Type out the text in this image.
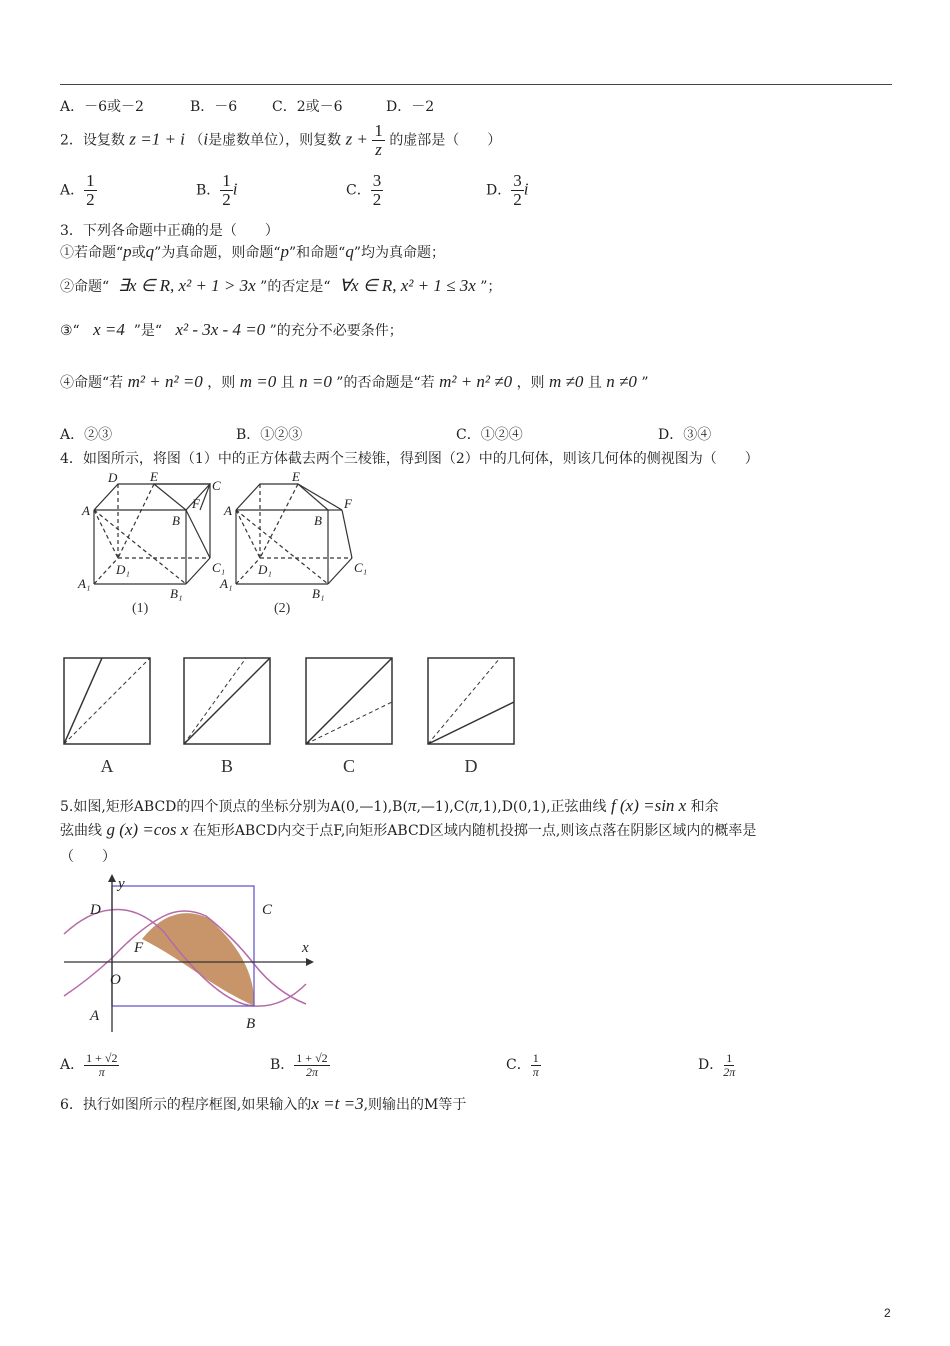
A．－6或－2	B．－6 C．2或－6	D．－2
2．设复数 z =1 + i （i是虚数单位），则复数 $z + \frac{1}{z}$ 的虚部是（　　）
A． $\frac{1}{2}$	B． $\frac{1}{2}$ i	C． $\frac{3}{2}$	D． $\frac{3}{2}$ i
3．下列各命题中正确的是（　　）
①若命题“p或q”为真命题，则命题“p”和命题“q”均为真命题；
②命题“ ∃x ∈ R, x² + 1 > 3x ”的否定是“ ∀x ∈ R, x² + 1 ≤ 3x ”；
③“ x =4 ”是“ x² - 3x - 4 =0 ”的充分不必要条件；
④命题“若 m² + n² =0 ，则 m =0 且 n =0 ”的否命题是“若 m² + n² ≠0 ，则 m ≠0 且 n ≠0 ”
A．②③	B．①②③	C．①②④	D．③④
4．如图所示，将图（1）中的正方体截去两个三棱锥，得到图（2）中的几何体，则该几何体的侧视图为（　　）
D	E
C
A
B
F
D₁	C₁
A₁
B₁
E
A
B
F
D₁	C₁
A₁
B₁
(1)	(2)
A	B	C	D
5.如图,矩形ABCD的四个顶点的坐标分别为A(0,—1),B(π,—1),C(π,1),D(0,1),正弦曲线 f (x) =sin x 和余
弦曲线 g (x) =cos x 在矩形ABCD内交于点F,向矩形ABCD区域内随机投掷一点,则该点落在阴影区域内的概率是
（　　）
y
x
D	C
F
O
A	B
A． $\frac{1 + √2}{\pi}$	B． $\frac{1 + √2}{2\pi}$	C． $\frac{1}{\pi}$	D． $\frac{1}{2\pi}$
6．执行如图所示的程序框图,如果输入的x =t =3,则输出的M等于
2
